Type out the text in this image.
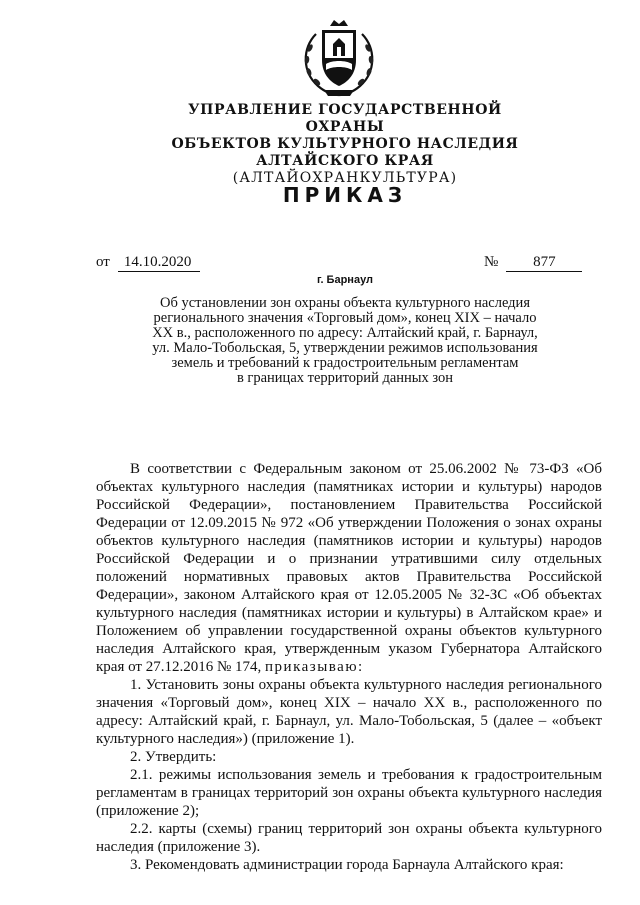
УПРАВЛЕНИЕ ГОСУДАРСТВЕННОЙ ОХРАНЫ
ОБЪЕКТОВ КУЛЬТУРНОГО НАСЛЕДИЯ
АЛТАЙСКОГО КРАЯ
(АЛТАЙОХРАНКУЛЬТУРА)
ПРИКАЗ
от 14.10.2020	№ 877
г. Барнаул
Об установлении зон охраны объекта культурного наследия
регионального значения «Торговый дом», конец XIX – начало
XX в., расположенного по адресу: Алтайский край, г. Барнаул,
ул. Мало-Тобольская, 5, утверждении режимов использования
земель и требований к градостроительным регламентам
в границах территорий данных зон

В соответствии с Федеральным законом от 25.06.2002 № 73-ФЗ «Об объектах культурного наследия (памятниках истории и культуры) народов Российской Федерации», постановлением Правительства Российской Федерации от 12.09.2015 № 972 «Об утверждении Положения о зонах охраны объектов культурного наследия (памятников истории и культуры) народов Российской Федерации и о признании утратившими силу отдельных положений нормативных правовых актов Правительства Российской Федерации», законом Алтайского края от 12.05.2005 № 32-ЗС «Об объектах культурного наследия (памятниках истории и культуры) в Алтайском крае» и Положением об управлении государственной охраны объектов культурного наследия Алтайского края, утвержденным указом Губернатора Алтайского края от 27.12.2016 № 174, приказываю:

1. Установить зоны охраны объекта культурного наследия регионального значения «Торговый дом», конец XIX – начало XX в., расположенного по адресу: Алтайский край, г. Барнаул, ул. Мало-Тобольская, 5 (далее – «объект культурного наследия») (приложение 1).

2. Утвердить:

2.1. режимы использования земель и требования к градостроительным регламентам в границах территорий зон охраны объекта культурного наследия (приложение 2);

2.2. карты (схемы) границ территорий зон охраны объекта культурного наследия (приложение 3).

3. Рекомендовать администрации города Барнаула Алтайского края:
